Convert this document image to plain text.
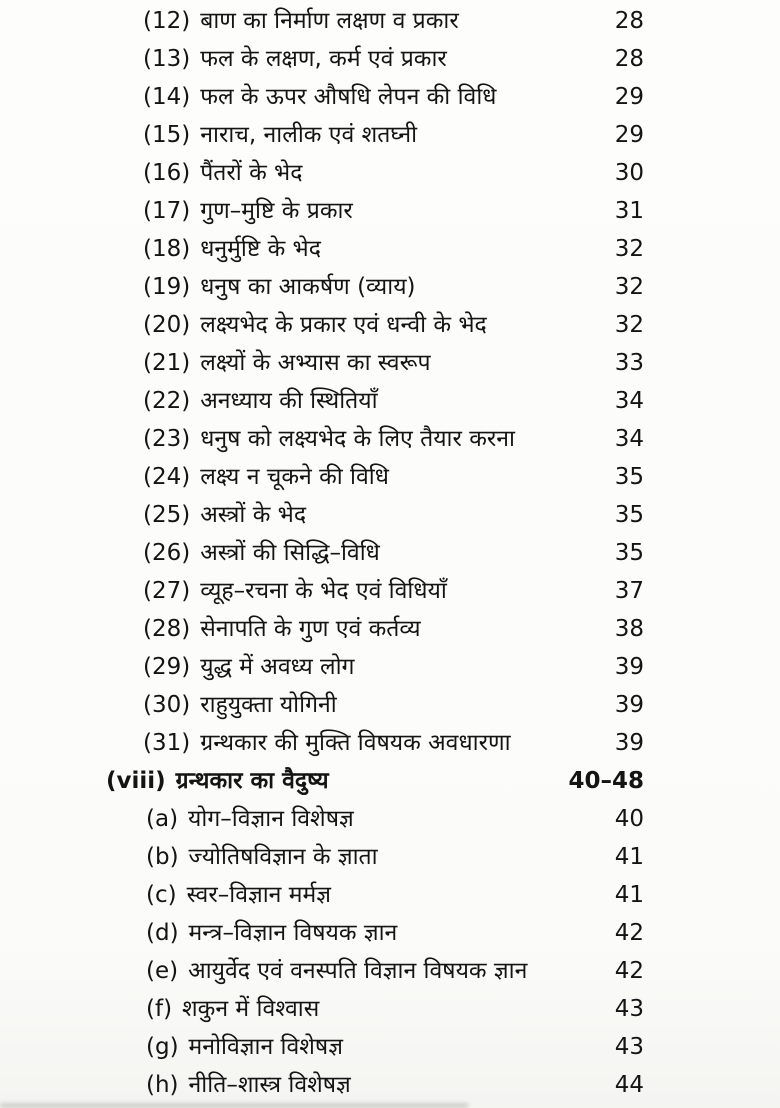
(12) बाण का निर्माण लक्षण व प्रकार	28
(13) फल के लक्षण, कर्म एवं प्रकार	28
(14) फल के ऊपर औषधि लेपन की विधि	29
(15) नाराच, नालीक एवं शतघ्नी	29
(16) पैंतरों के भेद	30
(17) गुण–मुष्टि के प्रकार	31
(18) धनुर्मुष्टि के भेद	32
(19) धनुष का आकर्षण (व्याय)	32
(20) लक्ष्यभेद के प्रकार एवं धन्वी के भेद	32
(21) लक्ष्यों के अभ्यास का स्वरूप	33
(22) अनध्याय की स्थितियाँ	34
(23) धनुष को लक्ष्यभेद के लिए तैयार करना	34
(24) लक्ष्य न चूकने की विधि	35
(25) अस्त्रों के भेद	35
(26) अस्त्रों की सिद्धि–विधि	35
(27) व्यूह–रचना के भेद एवं विधियाँ	37
(28) सेनापति के गुण एवं कर्तव्य	38
(29) युद्ध में अवध्य लोग	39
(30) राहुयुक्ता योगिनी	39
(31) ग्रन्थकार की मुक्ति विषयक अवधारणा	39
(viii) ग्रन्थकार का वैदुष्य	40–48
(a) योग–विज्ञान विशेषज्ञ	40
(b) ज्योतिषविज्ञान के ज्ञाता	41
(c) स्वर–विज्ञान मर्मज्ञ	41
(d) मन्त्र–विज्ञान विषयक ज्ञान	42
(e) आयुर्वेद एवं वनस्पति विज्ञान विषयक ज्ञान	42
(f) शकुन में विश्वास	43
(g) मनोविज्ञान विशेषज्ञ	43
(h) नीति–शास्त्र विशेषज्ञ	44
